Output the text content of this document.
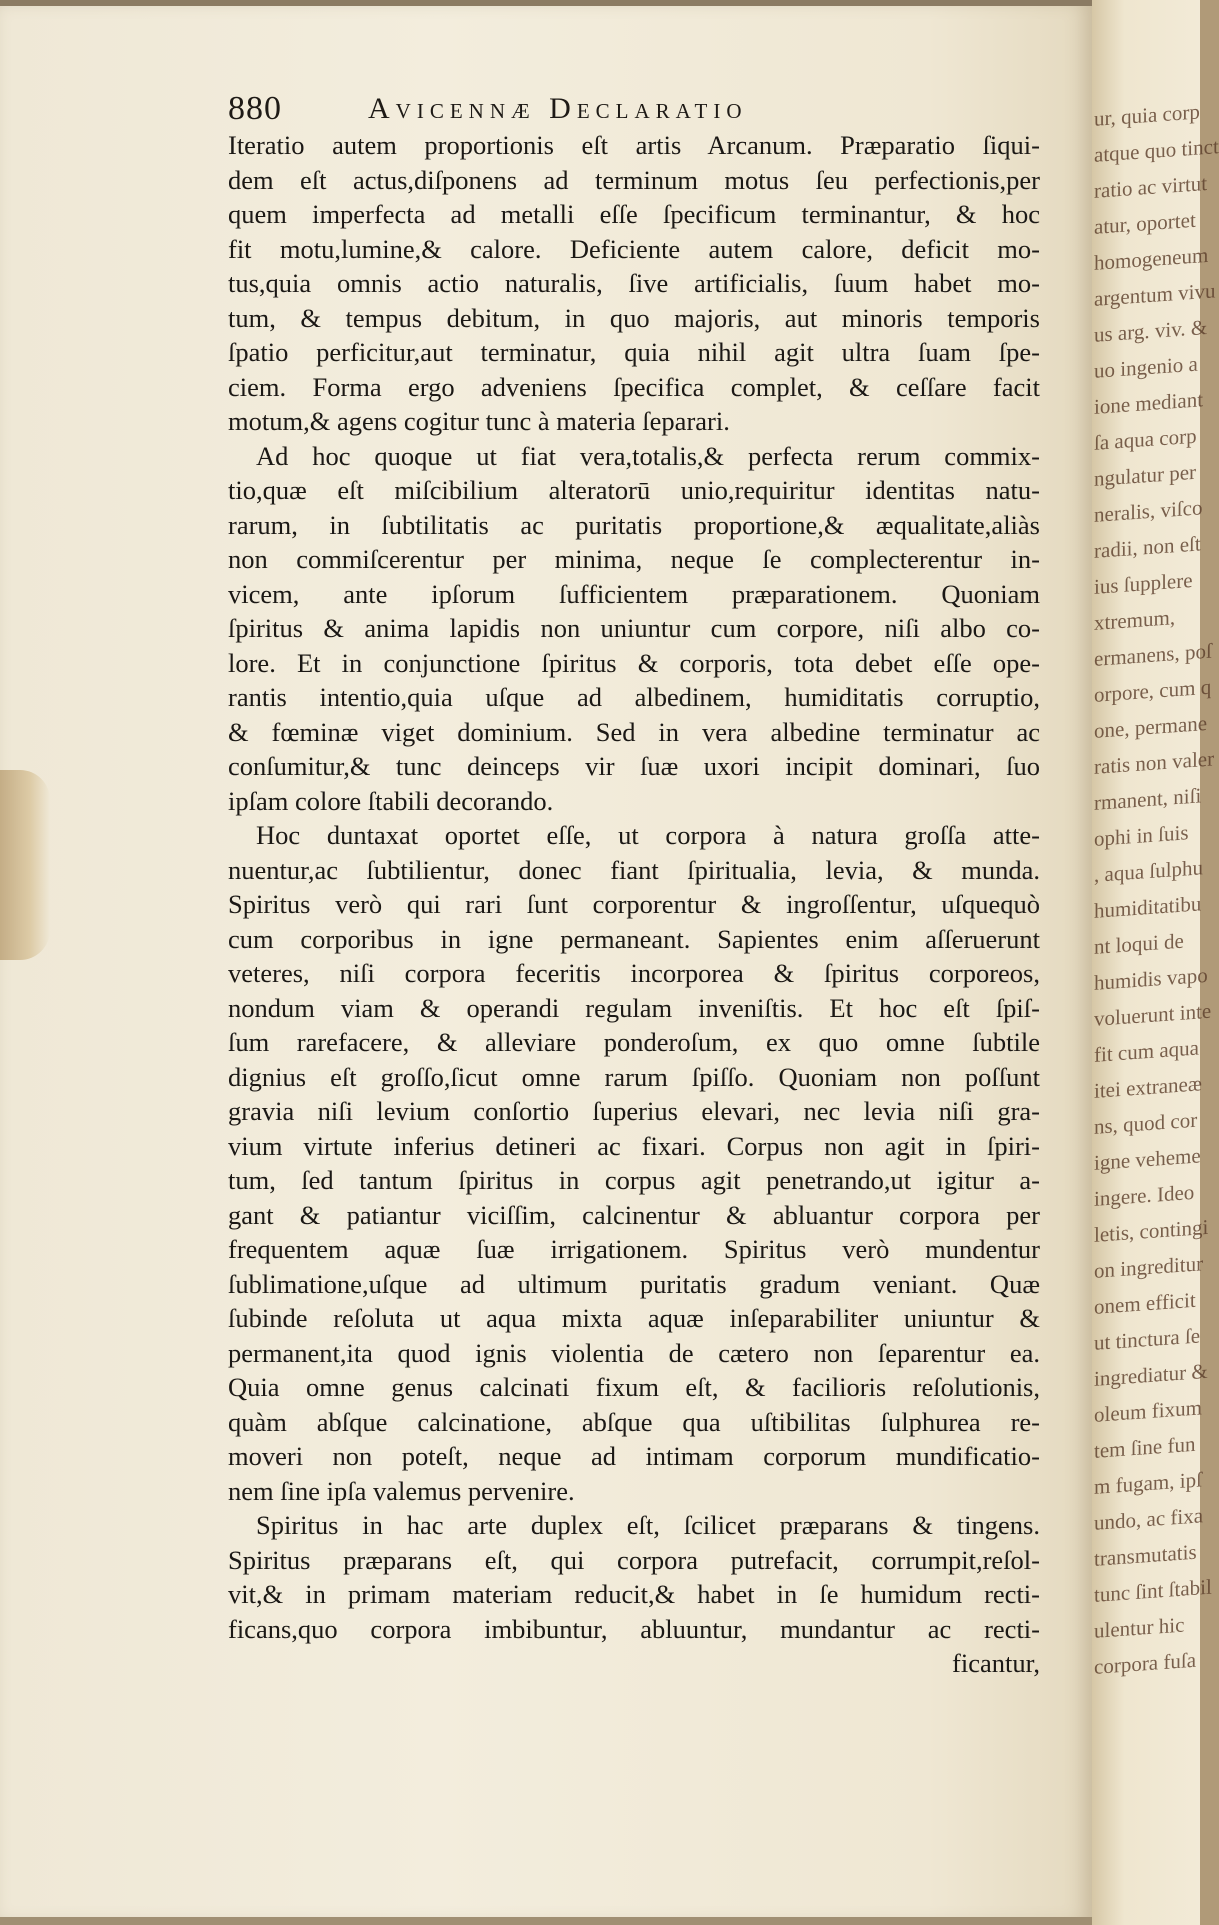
880	Avicennæ Declaratio
Iteratio autem proportionis eſt artis Arcanum. Præparatio ſiqui-
dem eſt actus,diſponens ad terminum motus ſeu perfectionis,per
quem imperfecta ad metalli eſſe ſpecificum terminantur, & hoc
fit motu,lumine,& calore. Deficiente autem calore, deficit mo-
tus,quia omnis actio naturalis, ſive artificialis, ſuum habet mo-
tum, & tempus debitum, in quo majoris, aut minoris temporis
ſpatio perficitur,aut terminatur, quia nihil agit ultra ſuam ſpe-
ciem. Forma ergo adveniens ſpecifica complet, & ceſſare facit
motum,& agens cogitur tunc à materia ſeparari.
Ad hoc quoque ut fiat vera,totalis,& perfecta rerum commix-
tio,quæ eſt miſcibilium alteratorū unio,requiritur identitas natu-
rarum, in ſubtilitatis ac puritatis proportione,& æqualitate,aliàs
non commiſcerentur per minima, neque ſe complecterentur in-
vicem, ante ipſorum ſufficientem præparationem. Quoniam
ſpiritus & anima lapidis non uniuntur cum corpore, niſi albo co-
lore. Et in conjunctione ſpiritus & corporis, tota debet eſſe ope-
rantis intentio,quia uſque ad albedinem, humiditatis corruptio,
& fœminæ viget dominium. Sed in vera albedine terminatur ac
conſumitur,& tunc deinceps vir ſuæ uxori incipit dominari, ſuo
ipſam colore ſtabili decorando.
Hoc duntaxat oportet eſſe, ut corpora à natura groſſa atte-
nuentur,ac ſubtilientur, donec fiant ſpiritualia, levia, & munda.
Spiritus verò qui rari ſunt corporentur & ingroſſentur, uſquequò
cum corporibus in igne permaneant. Sapientes enim aſſeruerunt
veteres, niſi corpora feceritis incorporea & ſpiritus corporeos,
nondum viam & operandi regulam inveniſtis. Et hoc eſt ſpiſ-
ſum rarefacere, & alleviare ponderoſum, ex quo omne ſubtile
dignius eſt groſſo,ſicut omne rarum ſpiſſo. Quoniam non poſſunt
gravia niſi levium conſortio ſuperius elevari, nec levia niſi gra-
vium virtute inferius detineri ac fixari. Corpus non agit in ſpiri-
tum, ſed tantum ſpiritus in corpus agit penetrando,ut igitur a-
gant & patiantur viciſſim, calcinentur & abluantur corpora per
frequentem aquæ ſuæ irrigationem. Spiritus verò mundentur
ſublimatione,uſque ad ultimum puritatis gradum veniant. Quæ
ſubinde reſoluta ut aqua mixta aquæ inſeparabiliter uniuntur &
permanent,ita quod ignis violentia de cætero non ſeparentur ea.
Quia omne genus calcinati fixum eſt, & facilioris reſolutionis,
quàm abſque calcinatione, abſque qua uſtibilitas ſulphurea re-
moveri non poteſt, neque ad intimam corporum mundificatio-
nem ſine ipſa valemus pervenire.
Spiritus in hac arte duplex eſt, ſcilicet præparans & tingens.
Spiritus præparans eſt, qui corpora putrefacit, corrumpit,reſol-
vit,& in primam materiam reducit,& habet in ſe humidum recti-
ficans,quo corpora imbibuntur, abluuntur, mundantur ac recti-
ficantur,
ur, quia corp
atque quo tinct
ratio ac virtut
atur, oportet
homogeneum
argentum vivu
us arg. viv. &
uo ingenio a
ione mediant
ſa aqua corp
ngulatur per
neralis, viſco
radii, non eſt
ius ſupplere
xtremum,
ermanens, poſ
orpore, cum q
one, permane
ratis non valer
rmanent, niſi
ophi in ſuis
, aqua ſulphu
humiditatibu
nt loqui de
humidis vapo
voluerunt inte
fit cum aqua
itei extraneæ
ns, quod cor
igne veheme
ingere. Ideo
letis, contingi
on ingreditur
onem efficit
ut tinctura ſe
ingrediatur &
oleum fixum
tem ſine fun
m fugam, ipſ
undo, ac fixa
transmutatis
tunc ſint ſtabil
ulentur hic
corpora fuſa
